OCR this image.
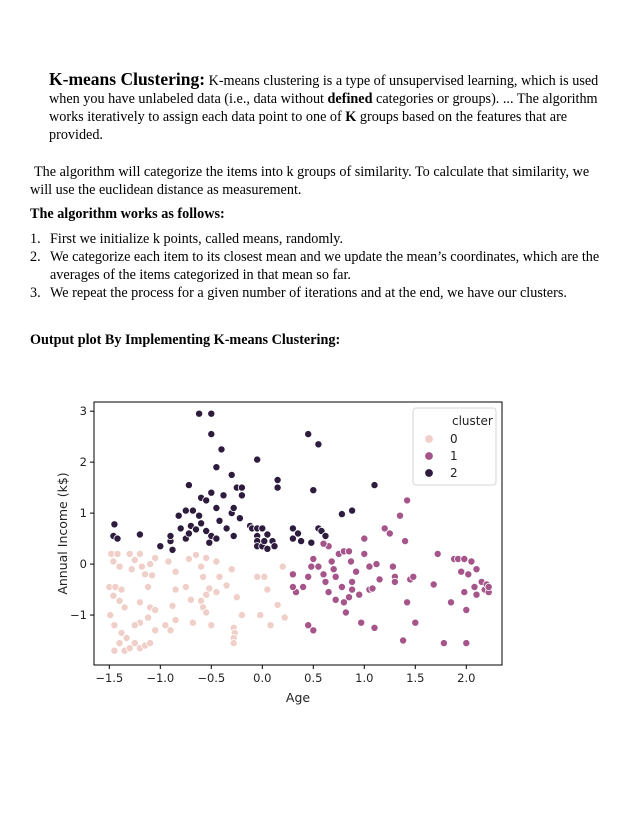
K-means Clustering: K-means clustering is a type of unsupervised learning, which is used when you have unlabeled data (i.e., data without defined categories or groups). ... The algorithm works iteratively to assign each data point to one of K groups based on the features that are provided.
The algorithm will categorize the items into k groups of similarity. To calculate that similarity, we will use the euclidean distance as measurement.
The algorithm works as follows:
1. First we initialize k points, called means, randomly.
2. We categorize each item to its closest mean and we update the mean’s coordinates, which are the averages of the items categorized in that mean so far.
3. We repeat the process for a given number of iterations and at the end, we have our clusters.
Output plot By Implementing K-means Clustering:
−1.5 −1.0 −0.5 0.0	0.5	1.0	1.5	2.0
−1
0
1
2
3
Age
Annual Income (k$)
cluster
0
1
2
